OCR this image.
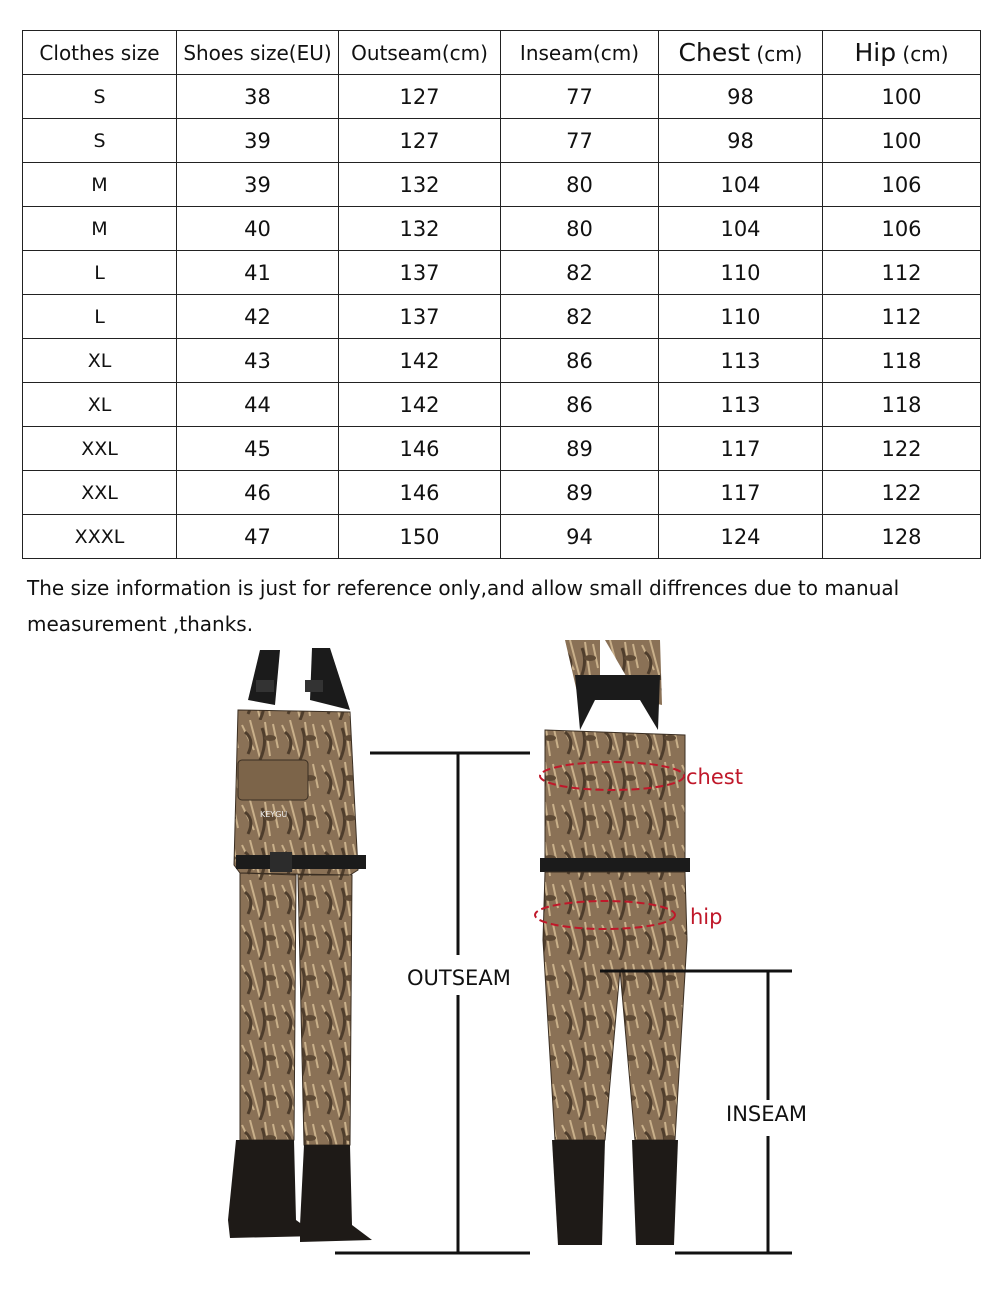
Clothes size	Shoes size(EU)	Outseam(cm)	Inseam(cm)	Chest (cm)	Hip (cm)
S	38	127	77	98	100
S	39	127	77	98	100
M	39	132	80	104	106
M	40	132	80	104	106
L	41	137	82	110	112
L	42	137	82	110	112
XL	43	142	86	113	118
XL	44	142	86	113	118
XXL	45	146	89	117	122
XXL	46	146	89	117	122
XXXL	47	150	94	124	128

The size information is just for reference only,and allow small diffrences due to manual measurement ,thanks.

KEYGU
OUTSEAM
INSEAM
chest
hip
